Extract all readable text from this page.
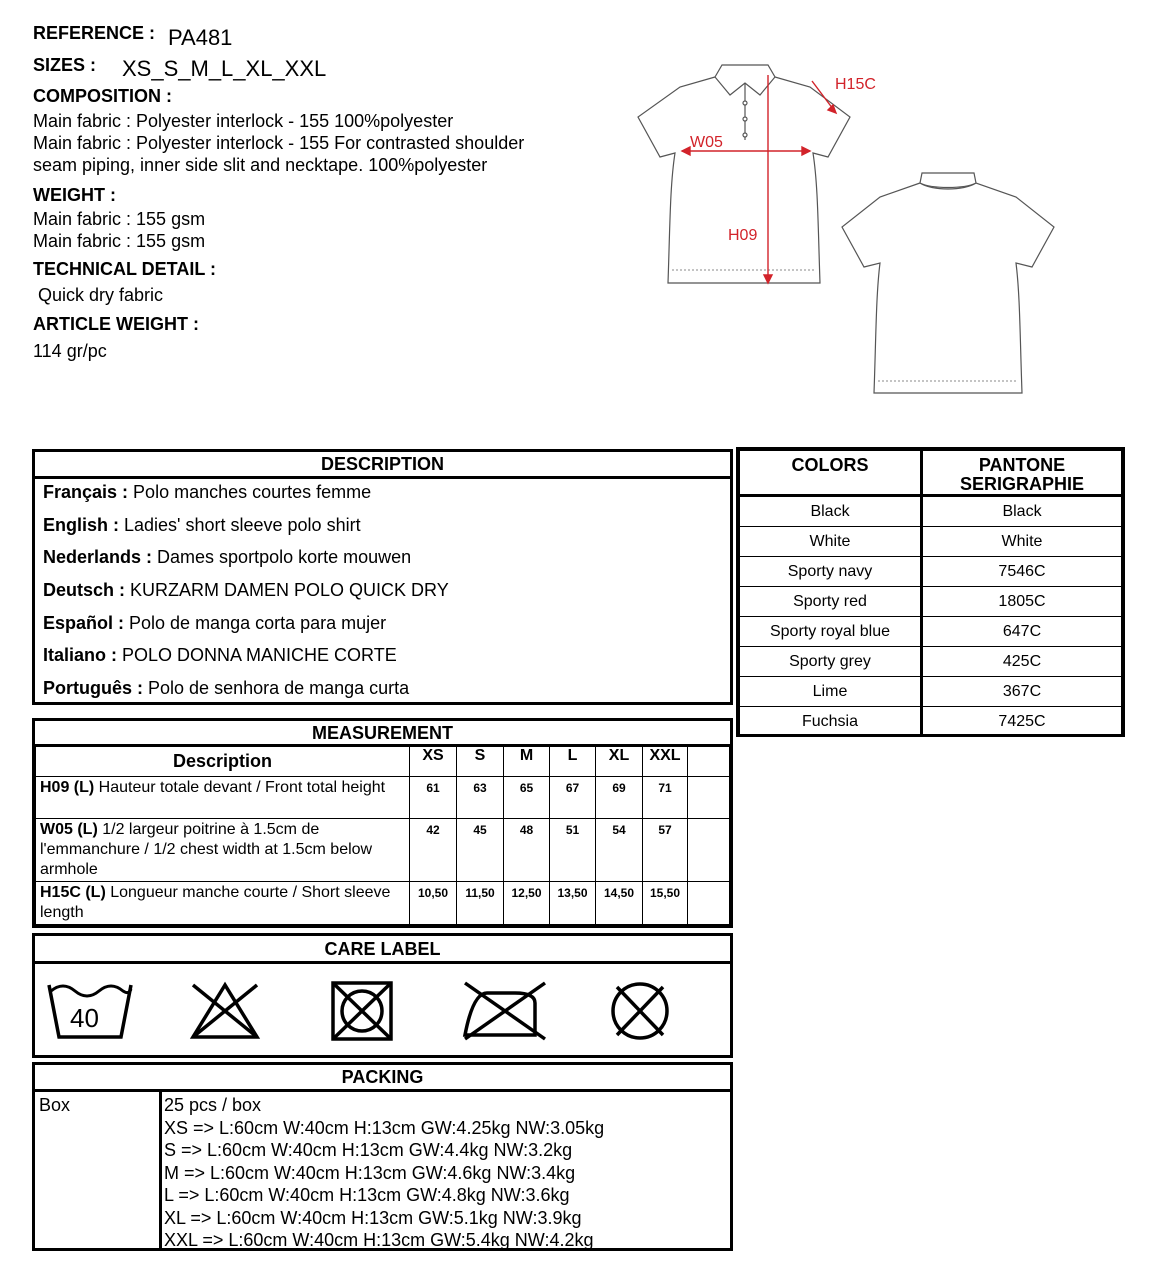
REFERENCE : PA481
SIZES : XS_S_M_L_XL_XXL
COMPOSITION :
Main fabric : Polyester interlock - 155 100%polyester
Main fabric : Polyester interlock - 155 For contrasted shoulder
seam piping, inner side slit and necktape. 100%polyester
WEIGHT :
Main fabric : 155 gsm
Main fabric : 155 gsm
TECHNICAL DETAIL :
Quick dry fabric
ARTICLE WEIGHT :
114 gr/pc
W05
H09
H15C
DESCRIPTION
Français : Polo manches courtes femme
English : Ladies' short sleeve polo shirt
Nederlands : Dames sportpolo korte mouwen
Deutsch : KURZARM DAMEN POLO QUICK DRY
Español : Polo de manga corta para mujer
Italiano : POLO DONNA MANICHE CORTE
Português : Polo de senhora de manga curta
COLORS	PANTONE
SERIGRAPHIE
Black	Black
White	White
Sporty navy	7546C
Sporty red	1805C
Sporty royal blue	647C
Sporty grey	425C
Lime	367C
Fuchsia	7425C
MEASUREMENT
Description	XS	S	M	L	XL	XXL	
H09 (L) Hauteur totale devant / Front total height	61	63	65	67	69	71	
W05 (L) 1/2 largeur poitrine à 1.5cm de l'emmanchure / 1/2 chest width at 1.5cm below armhole	42	45	48	51	54	57	
H15C (L) Longueur manche courte / Short sleeve length	10,50	11,50	12,50	13,50	14,50	15,50	
CARE LABEL
40
PACKING
Box	25 pcs / box
XS => L:60cm W:40cm H:13cm GW:4.25kg NW:3.05kg
S => L:60cm W:40cm H:13cm GW:4.4kg NW:3.2kg
M => L:60cm W:40cm H:13cm GW:4.6kg NW:3.4kg
L => L:60cm W:40cm H:13cm GW:4.8kg NW:3.6kg
XL => L:60cm W:40cm H:13cm GW:5.1kg NW:3.9kg
XXL => L:60cm W:40cm H:13cm GW:5.4kg NW:4.2kg
